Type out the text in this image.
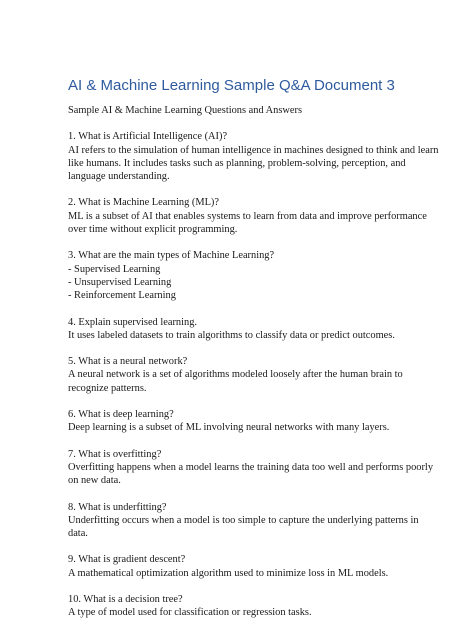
AI & Machine Learning Sample Q&A Document 3

Sample AI & Machine Learning Questions and Answers

1. What is Artificial Intelligence (AI)?

AI refers to the simulation of human intelligence in machines designed to think and learn like humans. It includes tasks such as planning, problem-solving, perception, and language understanding.

2. What is Machine Learning (ML)?

ML is a subset of AI that enables systems to learn from data and improve performance over time without explicit programming.

3. What are the main types of Machine Learning?

- Supervised Learning

- Unsupervised Learning

- Reinforcement Learning

4. Explain supervised learning.

It uses labeled datasets to train algorithms to classify data or predict outcomes.

5. What is a neural network?

A neural network is a set of algorithms modeled loosely after the human brain to recognize patterns.

6. What is deep learning?

Deep learning is a subset of ML involving neural networks with many layers.

7. What is overfitting?

Overfitting happens when a model learns the training data too well and performs poorly on new data.

8. What is underfitting?

Underfitting occurs when a model is too simple to capture the underlying patterns in data.

9. What is gradient descent?

A mathematical optimization algorithm used to minimize loss in ML models.

10. What is a decision tree?

A type of model used for classification or regression tasks.
